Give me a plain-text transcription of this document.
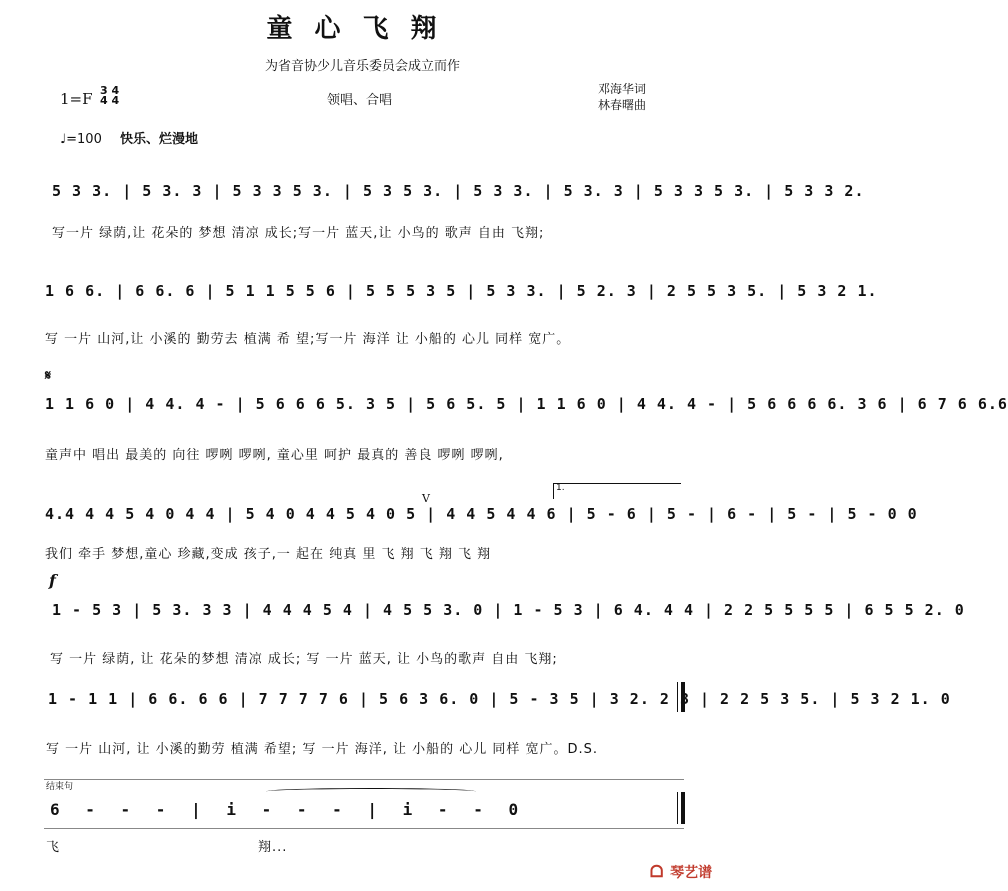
童心飞翔
为省音协少儿音乐委员会成立而作
1=F 3 4
4 4	领唱、合唱
邓海华词
林春曙曲
♩=100 快乐、烂漫地
5 3 3. | 5 3. 3 | 5 3 3 5 3. | 5 3 5 3. | 5 3 3. | 5 3. 3 | 5 3 3 5 3. | 5 3 3 2.
写一片 绿荫,让 花朵的 梦想 清凉 成长;写一片 蓝天,让 小鸟的 歌声 自由 飞翔;
1 6 6. | 6 6. 6 | 5 1 1 5 5 6 | 5 5 5 3 5 | 5 3 3. | 5 2. 3 | 2 5 5 3 5. | 5 3 2 1.
写 一片 山河,让 小溪的 勤劳去 植满 希 望;写一片 海洋 让 小船的 心儿 同样 宽广。
𝄋
1 1 6 0 | 4 4. 4 - | 5 6 6 6 5. 3 5 | 5 6 5. 5 | 1 1 6 0 | 4 4. 4 - | 5 6 6 6 6. 3 6 | 6 7 6 6.6
童声中 唱出 最美的 向往 啰咧 啰咧, 童心里 呵护 最真的 善良 啰咧 啰咧,
4.4 4 4 5 4 0 4 4 | 5 4 0 4 4 5 4 0 5 | 4 4 5 4 4 6 | 5 - 6 | 5 - | 6 - | 5 - | 5 - 0 0
我们 牵手 梦想,童心 珍藏,变成 孩子,一 起在 纯真 里 飞 翔 飞 翔 飞 翔
V
1.
f
1 - 5 3 | 5 3. 3 3 | 4 4 4 5 4 | 4 5 5 3. 0 | 1 - 5 3 | 6 4. 4 4 | 2 2 5 5 5 5 | 6 5 5 2. 0
写 一片 绿荫, 让 花朵的梦想 清凉 成长; 写 一片 蓝天, 让 小鸟的歌声 自由 飞翔;
1 - 1 1 | 6 6. 6 6 | 7 7 7 7 6 | 5 6 3 6. 0 | 5 - 3 5 | 3 2. 2 3 | 2 2 5 3 5. | 5 3 2 1. 0
写 一片 山河, 让 小溪的勤劳 植满 希望; 写 一片 海洋, 让 小船的 心儿 同样 宽广。D.S.
结束句
6 - - - | i - - - | i - - 0
飞	翔...
ᗝ 琴艺谱
